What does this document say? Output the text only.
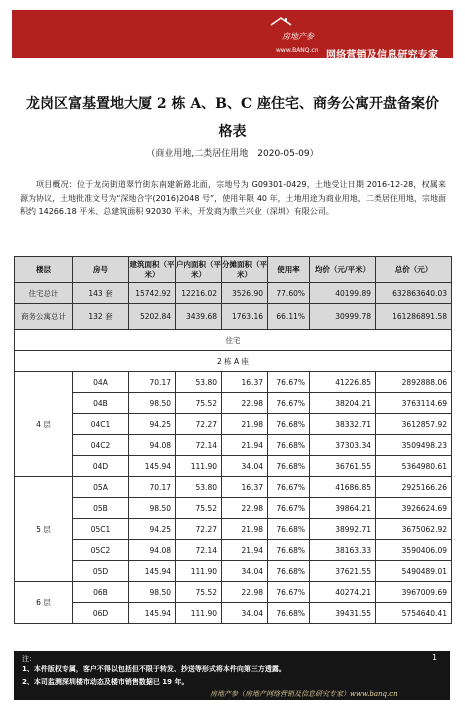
房地产参
www.BANQ.cn 网络营销及信息研究专家
龙岗区富基置地大厦 2 栋 A、B、C 座住宅、商务公寓开盘备案价
格表
（商业用地,二类居住用地　2020-05-09）
项目概况：位于龙岗街道翠竹街东南建新路北面，宗地号为 G09301-0429，土地受让日期 2016-12-28，权属来源为协议，土地批准文号为“深地合字(2016)2048 号”，使用年限 40 年，土地用途为商业用地，二类居住用地，宗地面积约 14266.18 平米、总建筑面积 92030 平米，开发商为歌兰兴业（深圳）有限公司。
楼层	房号	建筑面积（平米）	户内面积（平米）	分摊面积（平米）	使用率	均价（元/平米）	总价（元）
住宅总计	143 套	15742.92	12216.02	3526.90	77.60%	40199.89	632863640.03
商务公寓总计	132 套	5202.84	3439.68	1763.16	66.11%	30999.78	161286891.58
住宅							
2 栋 A 座							
4 层	04A	70.17	53.80	16.37	76.67%	41226.85	2892888.06
	04B	98.50	75.52	22.98	76.67%	38204.21	3763114.69
	04C1	94.25	72.27	21.98	76.68%	38332.71	3612857.92
	04C2	94.08	72.14	21.94	76.68%	37303.34	3509498.23
	04D	145.94	111.90	34.04	76.68%	36761.55	5364980.61
5 层	05A	70.17	53.80	16.37	76.67%	41686.85	2925166.26
	05B	98.50	75.52	22.98	76.67%	39864.21	3926624.69
	05C1	94.25	72.27	21.98	76.68%	38992.71	3675062.92
	05C2	94.08	72.14	21.94	76.68%	38163.33	3590406.09
	05D	145.94	111.90	34.04	76.68%	37621.55	5490489.01
6 层	06B	98.50	75.52	22.98	76.67%	40274.21	3967009.69
	06D	145.94	111.90	34.04	76.68%	39431.55	5754640.41
1
注：
1、本件版权专属，客户不得以包括但不限于转发、抄送等形式将本件向第三方透露。
2、本司监测深圳楼市动态及楼市销售数据已 19 年。
房地产参（房地产网络营销及信息研究专家）www.banq.cn
